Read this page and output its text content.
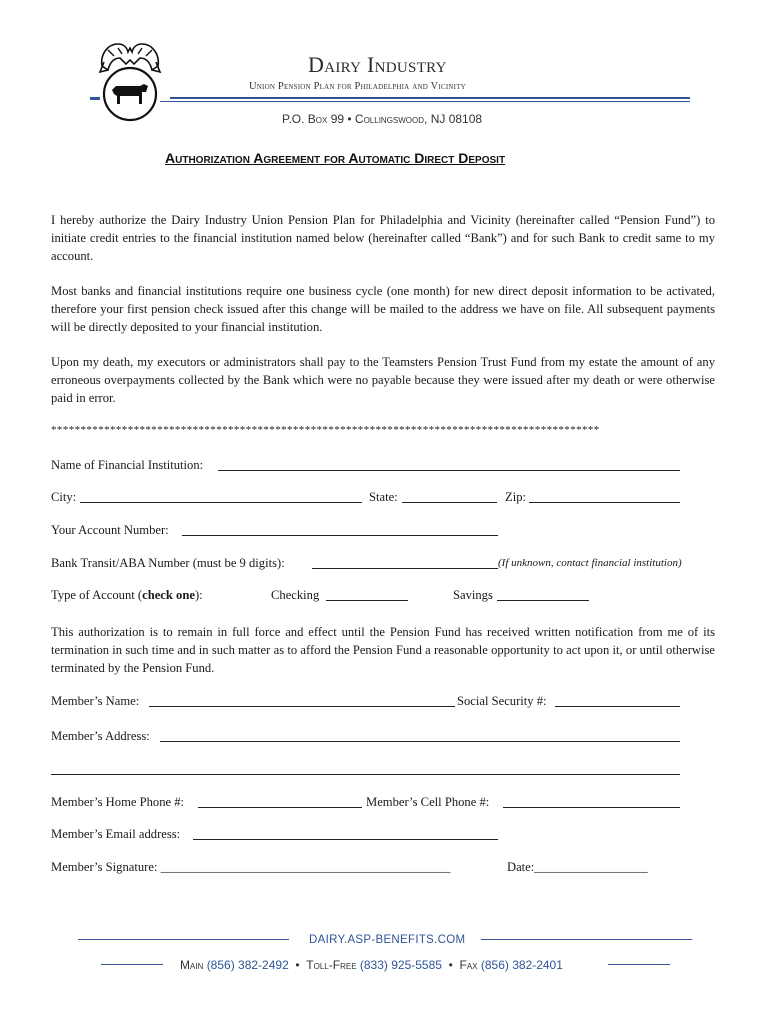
Dairy Industry
Union Pension Plan for Philadelphia and Vicinity
P.O. Box 99 • Collingswood, NJ 08108
Authorization Agreement for Automatic Direct Deposit
I hereby authorize the Dairy Industry Union Pension Plan for Philadelphia and Vicinity (hereinafter called “Pension Fund”) to initiate credit entries to the financial institution named below (hereinafter called “Bank”) and for such Bank to credit same to my account.
Most banks and financial institutions require one business cycle (one month) for new direct deposit information to be activated, therefore your first pension check issued after this change will be mailed to the address we have on file. All subsequent payments will be directly deposited to your financial institution.
Upon my death, my executors or administrators shall pay to the Teamsters Pension Trust Fund from my estate the amount of any erroneous overpayments collected by the Bank which were no payable because they were issued after my death or were otherwise paid in error.
*********************************************************************************************
Name of Financial Institution:
City:	State:	Zip:
Your Account Number:
Bank Transit/ABA Number (must be 9 digits):	(If unknown, contact financial institution)
Type of Account (check one):	Checking	Savings
This authorization is to remain in full force and effect until the Pension Fund has received written notification from me of its termination in such time and in such matter as to afford the Pension Fund a reasonable opportunity to act upon it, or until otherwise terminated by the Pension Fund.
Member’s Name:	Social Security #:
Member’s Address:
Member’s Home Phone #:	Member’s Cell Phone #:
Member’s Email address:
Member’s Signature: ______________________________________________	Date:__________________
DAIRY.ASP-BENEFITS.COM
Main (856) 382-2492 • Toll-Free (833) 925-5585 • Fax (856) 382-2401
